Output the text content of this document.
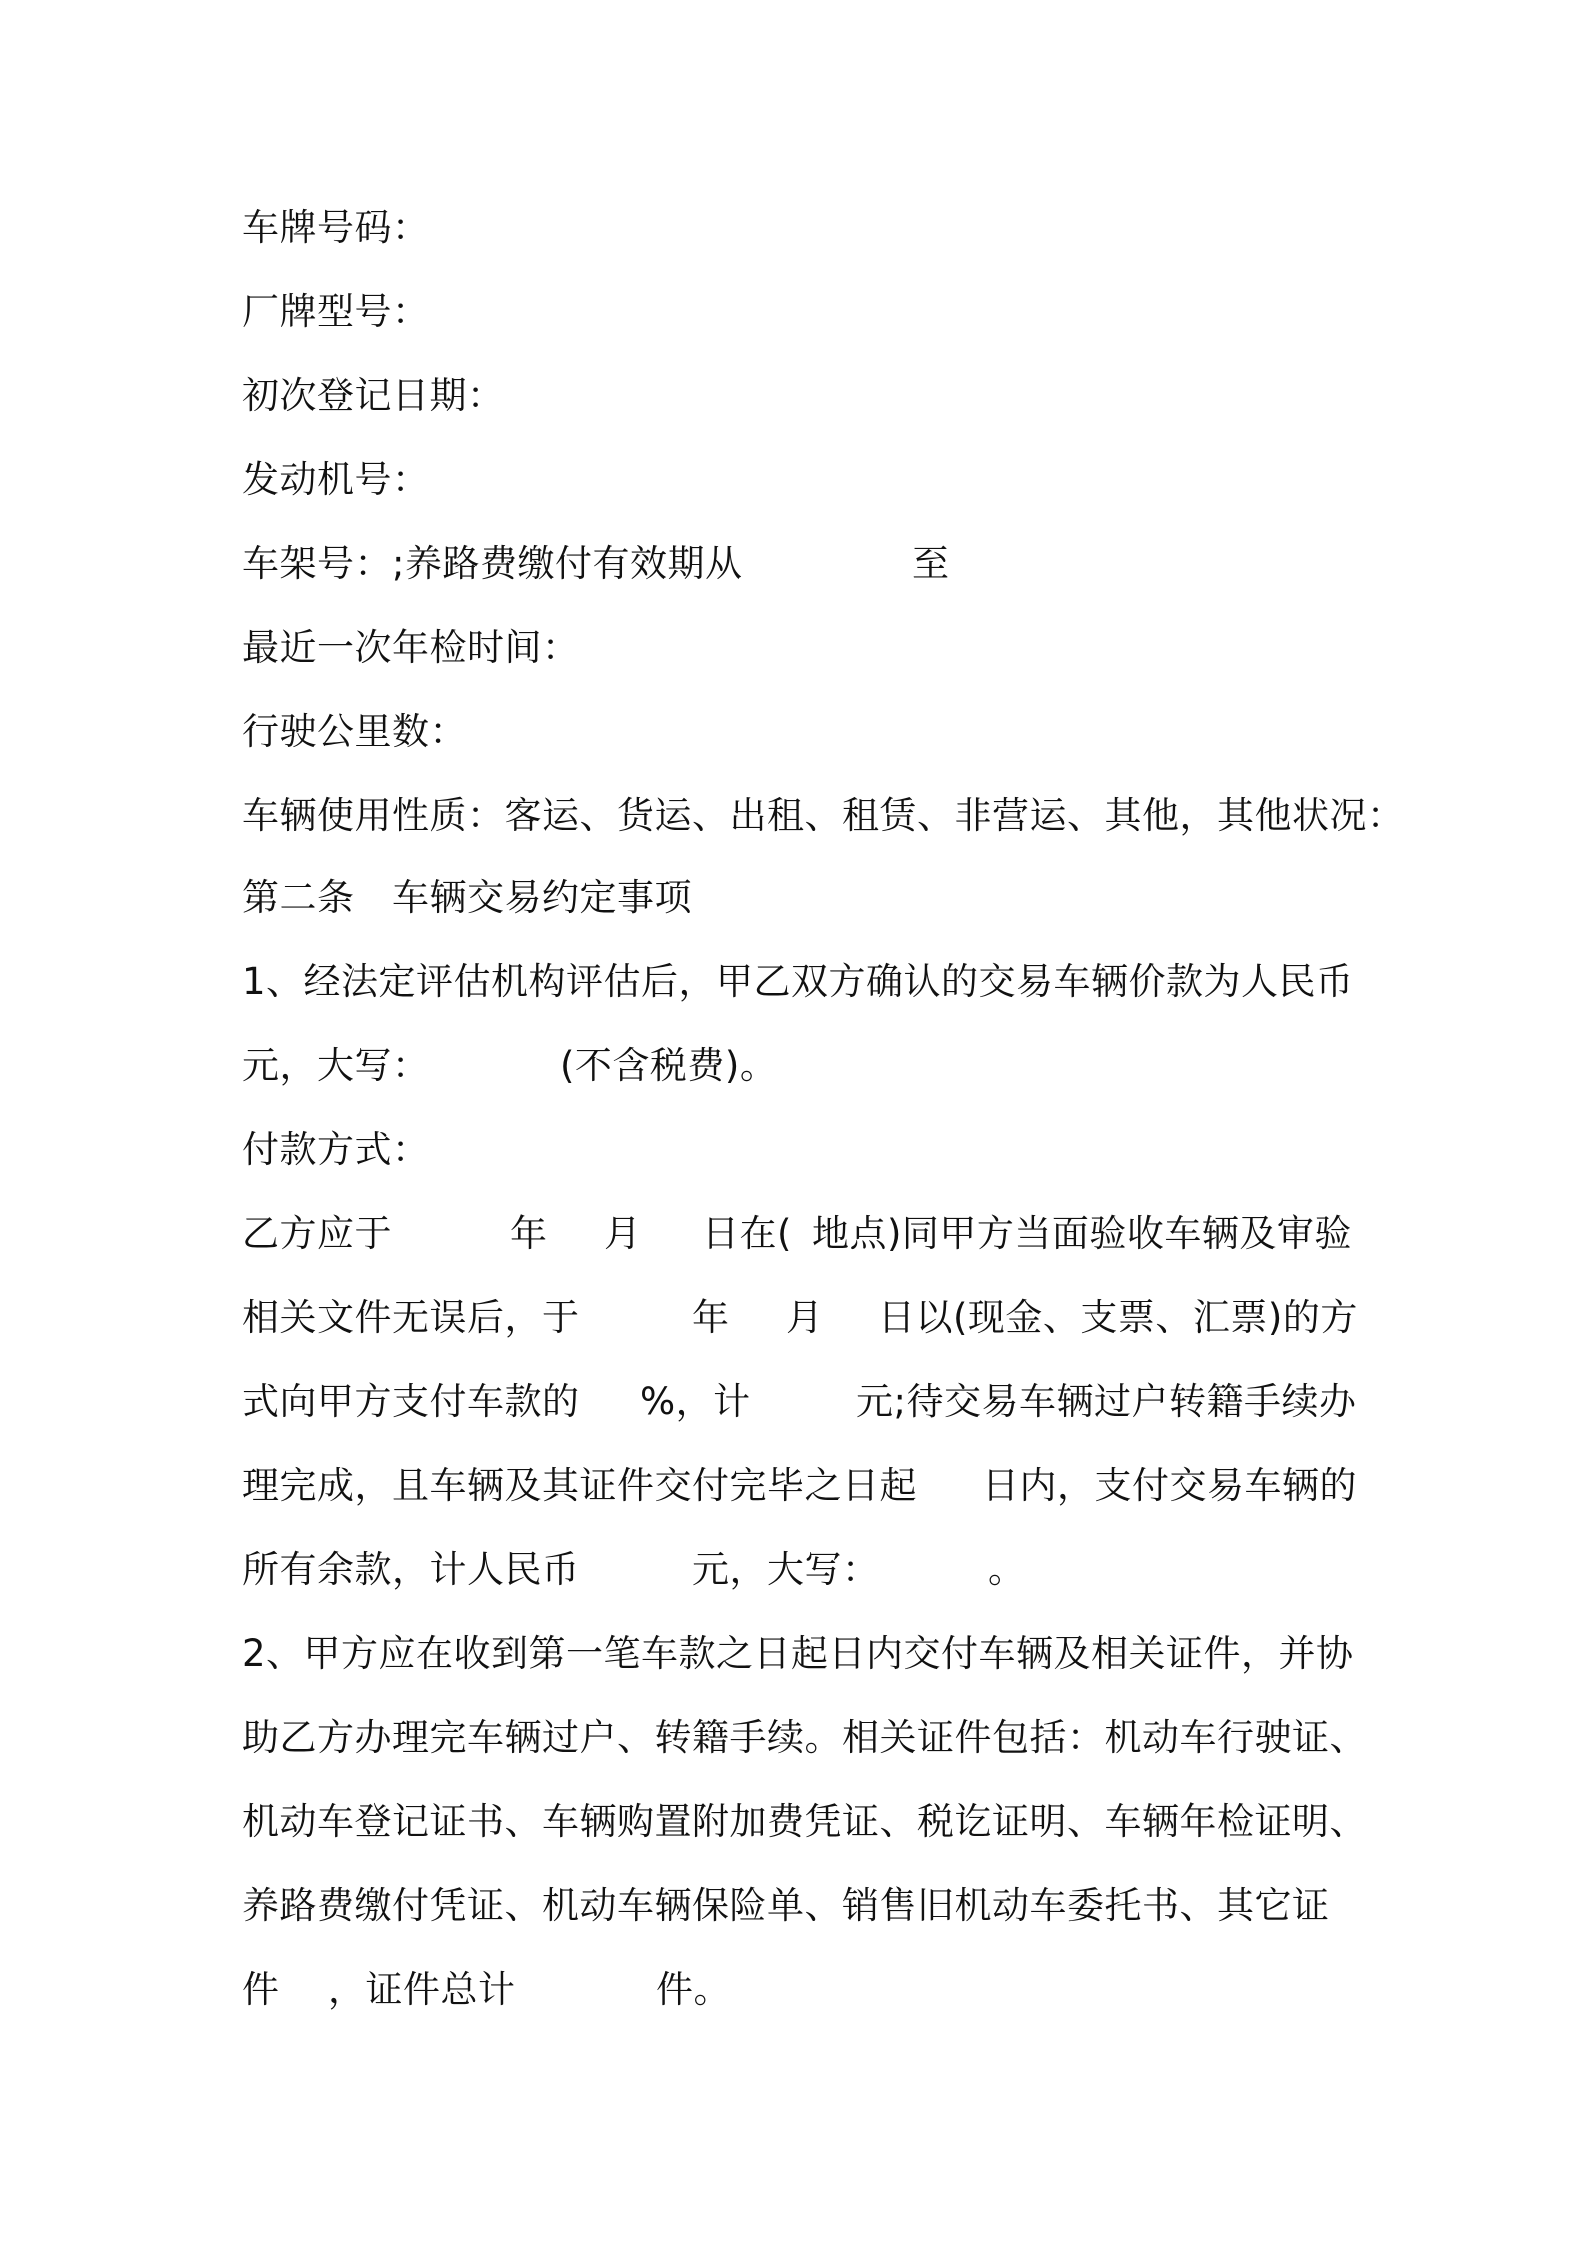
车牌号码：

厂牌型号：

初次登记日期：

发动机号：

车架号：;养路费缴付有效期从

	至

最近一次年检时间：

行驶公里数：

车辆使用性质：客运、货运、出租、租赁、非营运、其他，其他状况：

第二条

车辆交易约定事项

1、经法定评估机构评估后，甲乙双方确认的交易车辆价款为人民币

元，大写：

	(不含税费)。

付款方式：

乙方应于

	年

月

日在(

地点)同甲方当面验收车辆及审验

相关文件无误后，于

	年

月

日以(现金、支票、汇票)的方

式向甲方支付车款的

%，计

	元;待交易车辆过户转籍手续办

理完成，且车辆及其证件交付完毕之日起

日内，支付交易车辆的

所有余款，计人民币

	元，大写：

	。

2、甲方应在收到第一笔车款之日起日内交付车辆及相关证件，并协

助乙方办理完车辆过户、转籍手续。相关证件包括：机动车行驶证、

机动车登记证书、车辆购置附加费凭证、税讫证明、车辆年检证明、

养路费缴付凭证、机动车辆保险单、销售旧机动车委托书、其它证

件

，证件总计

	件。
